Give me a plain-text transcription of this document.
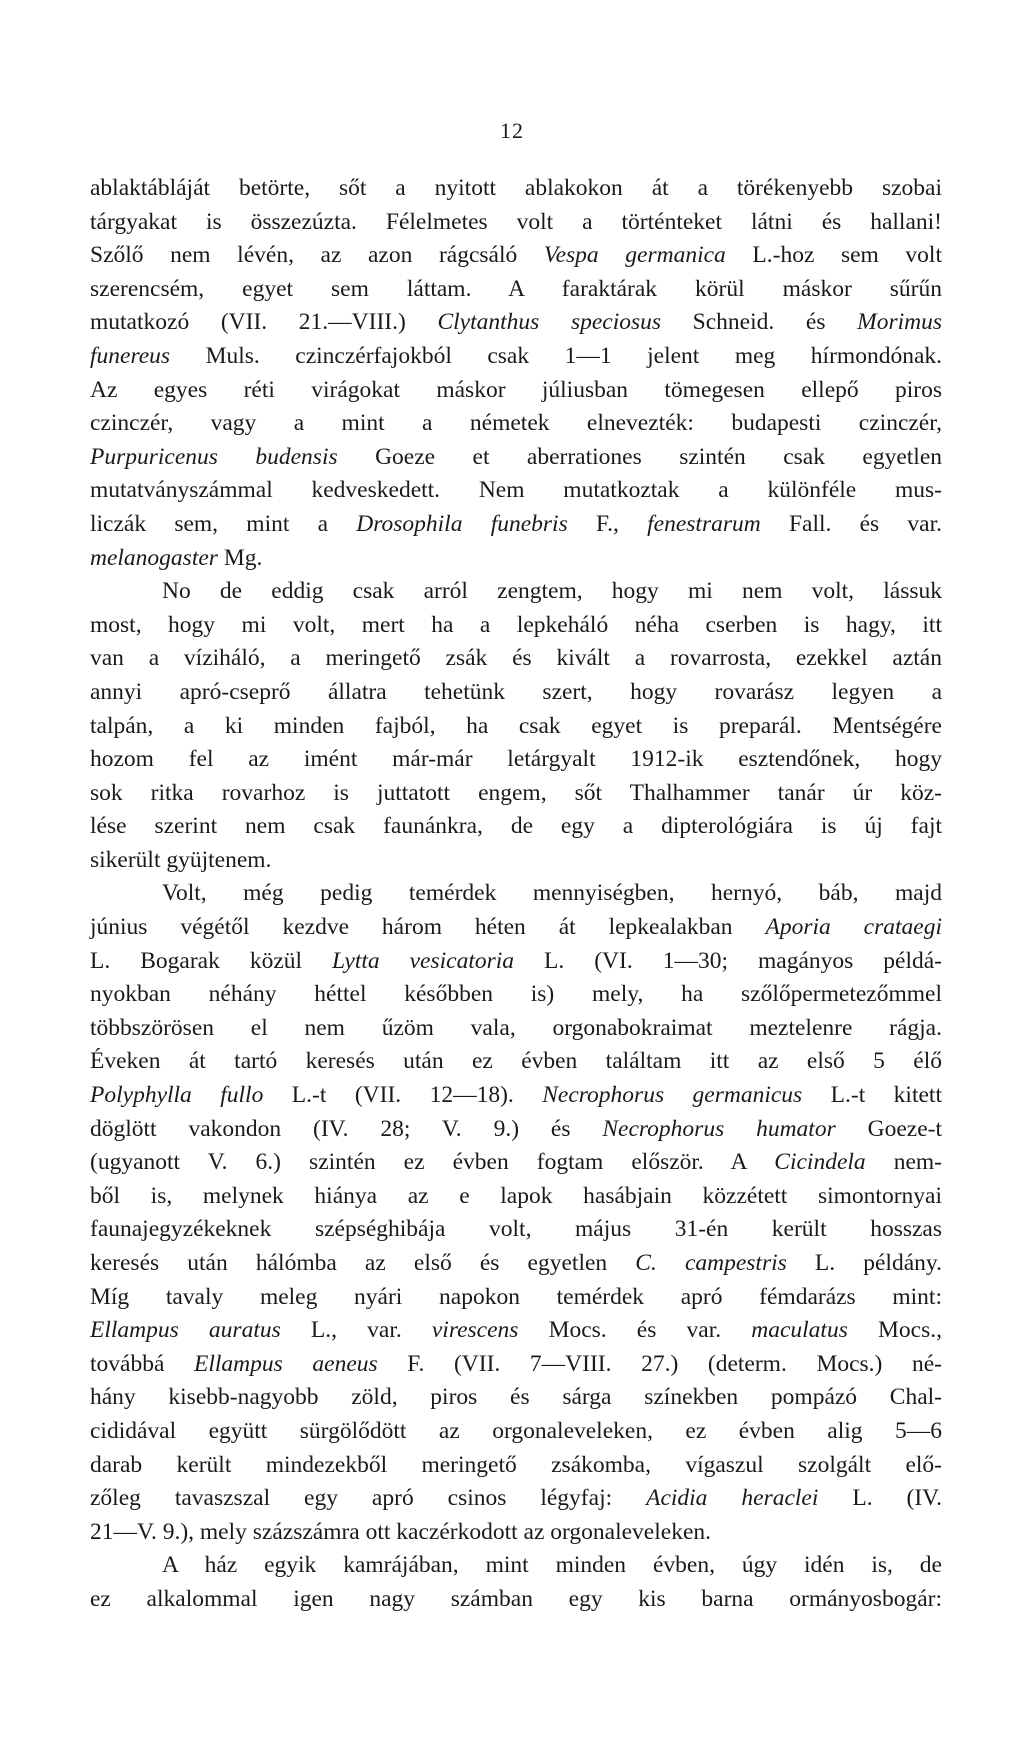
12
ablaktábláját betörte, sőt a nyitott ablakokon át a törékenyebb szobai
tárgyakat is összezúzta. Félelmetes volt a történteket látni és hallani!
Szőlő nem lévén, az azon rágcsáló Vespa germanica L.-hoz sem volt
szerencsém, egyet sem láttam. A faraktárak körül máskor sűrűn
mutatkozó (VII. 21.—VIII.) Clytanthus speciosus Schneid. és Morimus
funereus Muls. czinczérfajokból csak 1—1 jelent meg hírmondónak.
Az egyes réti virágokat máskor júliusban tömegesen ellepő piros
czinczér, vagy a mint a németek elnevezték: budapesti czinczér,
Purpuricenus budensis Goeze et aberrationes szintén csak egyetlen
mutatványszámmal kedveskedett. Nem mutatkoztak a különféle mus-
liczák sem, mint a Drosophila funebris F., fenestrarum Fall. és var.
melanogaster Mg.
No de eddig csak arról zengtem, hogy mi nem volt, lássuk
most, hogy mi volt, mert ha a lepkeháló néha cserben is hagy, itt
van a víziháló, a meringető zsák és kivált a rovarrosta, ezekkel aztán
annyi apró-cseprő állatra tehetünk szert, hogy rovarász legyen a
talpán, a ki minden fajból, ha csak egyet is preparál. Mentségére
hozom fel az imént már-már letárgyalt 1912-ik esztendőnek, hogy
sok ritka rovarhoz is juttatott engem, sőt Thalhammer tanár úr köz-
lése szerint nem csak faunánkra, de egy a dipterológiára is új fajt
sikerült gyüjtenem.
Volt, még pedig temérdek mennyiségben, hernyó, báb, majd
június végétől kezdve három héten át lepkealakban Aporia crataegi
L. Bogarak közül Lytta vesicatoria L. (VI. 1—30; magányos példá-
nyokban néhány héttel későbben is) mely, ha szőlőpermetezőmmel
többszörösen el nem űzöm vala, orgonabokraimat meztelenre rágja.
Éveken át tartó keresés után ez évben találtam itt az első 5 élő
Polyphylla fullo L.-t (VII. 12—18). Necrophorus germanicus L.-t kitett
döglött vakondon (IV. 28; V. 9.) és Necrophorus humator Goeze-t
(ugyanott V. 6.) szintén ez évben fogtam először. A Cicindela nem-
ből is, melynek hiánya az e lapok hasábjain közzétett simontornyai
faunajegyzékeknek szépséghibája volt, május 31-én került hosszas
keresés után hálómba az első és egyetlen C. campestris L. példány.
Míg tavaly meleg nyári napokon temérdek apró fémdarázs mint:
Ellampus auratus L., var. virescens Mocs. és var. maculatus Mocs.,
továbbá Ellampus aeneus F. (VII. 7—VIII. 27.) (determ. Mocs.) né-
hány kisebb-nagyobb zöld, piros és sárga színekben pompázó Chal-
cididával együtt sürgölődött az orgonaleveleken, ez évben alig 5—6
darab került mindezekből meringető zsákomba, vígaszul szolgált elő-
zőleg tavaszszal egy apró csinos légyfaj: Acidia heraclei L. (IV.
21—V. 9.), mely százszámra ott kaczérkodott az orgonaleveleken.
A ház egyik kamrájában, mint minden évben, úgy idén is, de
ez alkalommal igen nagy számban egy kis barna ormányosbogár:
